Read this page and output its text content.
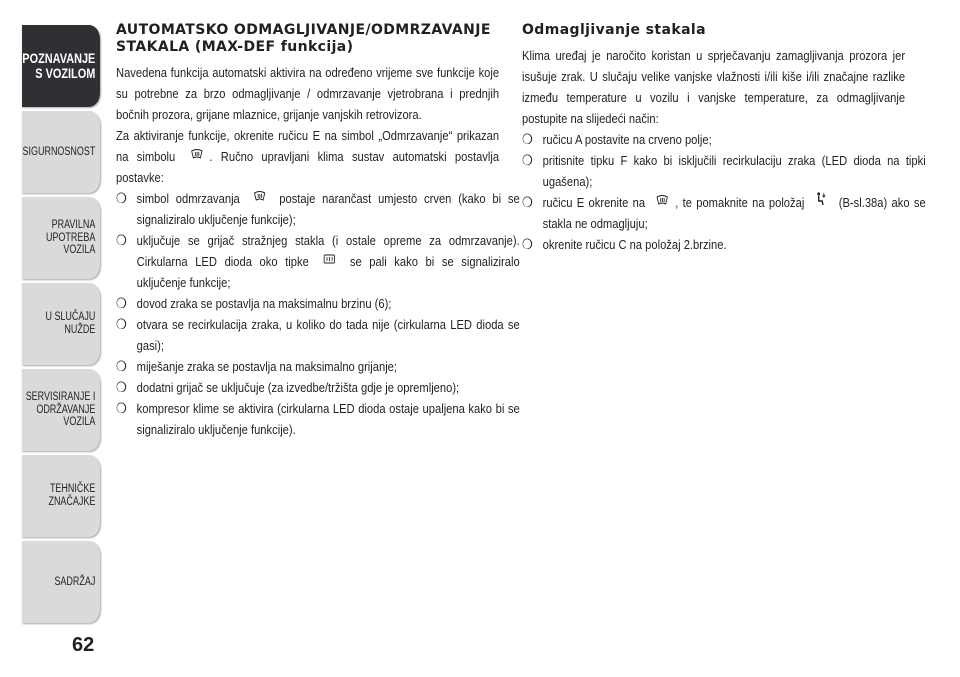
UPOZNAVANJE
S VOZILOM
SIGURNOSNOST
PRAVILNA
UPOTREBA
VOZILA
U SLUČAJU
NUŽDE
SERVISIRANJE I
ODRŽAVANJE
VOZILA
TEHNIČKE
ZNAČAJKE
SADRŽAJ
62
AUTOMATSKO ODMAGLJIVANJE/ODMRZAVANJE STAKALA (MAX-DEF funkcija)

Navedena funkcija automatski aktivira na određeno vrijeme sve funkcije koje su potrebne za brzo odmagljivanje / odmrzavanje vjetrobrana i prednjih bočnih prozora, grijane mlaznice, grijanje vanjskih retrovizora.

Za aktiviranje funkcije, okrenite ručicu E na simbol „Odmrzavanje“ prikazan na simbolu	. Ručno upravljani klima sustav automatski postavlja postavke:

❍ simbol odmrzavanja	postaje narančast umjesto crven (kako bi se signaliziralo uključenje funkcije);
❍ uključuje se grijač stražnjeg stakla (i ostale opreme za odmrzavanje). Cirkularna LED dioda oko tipke	se pali kako bi se signaliziralo uključenje funkcije;
❍ dovod zraka se postavlja na maksimalnu brzinu (6);
❍ otvara se recirkulacija zraka, u koliko do tada nije (cirkularna LED dioda se gasi);
❍ miješanje zraka se postavlja na maksimalno grijanje;
❍ dodatni grijač se uključuje (za izvedbe/tržišta gdje je opremljeno);
❍ kompresor klime se aktivira (cirkularna LED dioda ostaje upaljena kako bi se signaliziralo uključenje funkcije).
Odmagljivanje stakala

Klima uređaj je naročito koristan u sprječavanju zamagljivanja prozora jer isušuje zrak. U slučaju velike vanjske vlažnosti i/ili kiše i/ili značajne razlike između temperature u vozilu i vanjske temperature, za odmagljivanje postupite na slijedeći način:

❍ ručicu A postavite na crveno polje;
❍ pritisnite tipku F kako bi isključili recirkulaciju zraka (LED dioda na tipki ugašena);
❍ ručicu E okrenite na , te pomaknite na položaj	(B-sl.38a) ako se stakla ne odmagljuju;
❍ okrenite ručicu C na položaj 2.brzine.
